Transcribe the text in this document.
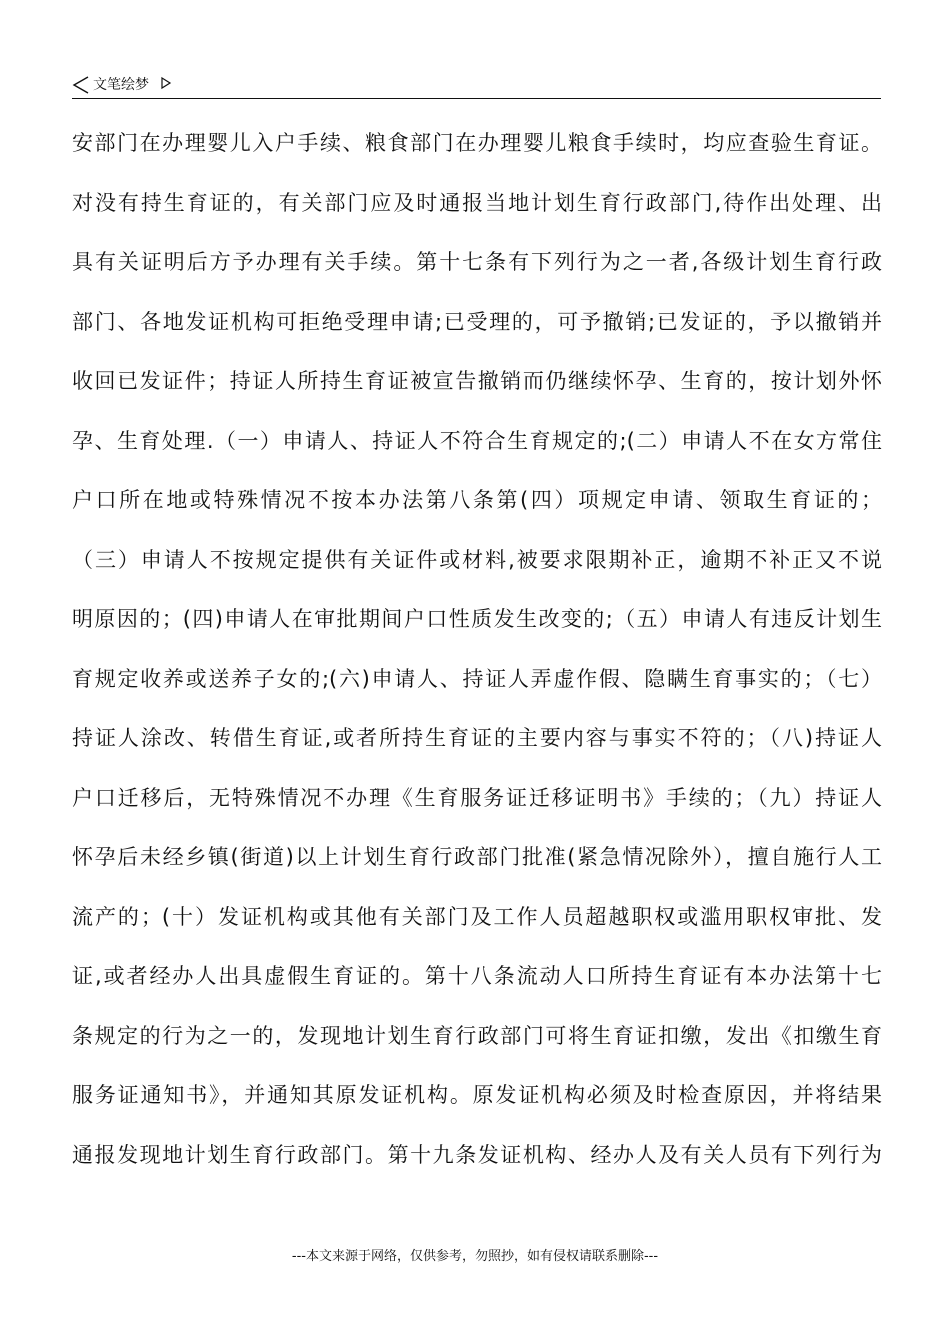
文笔绘梦
安部门在办理婴儿入户手续、粮食部门在办理婴儿粮食手续时，均应查验生育证。
对没有持生育证的，有关部门应及时通报当地计划生育行政部门,待作出处理、出
具有关证明后方予办理有关手续。第十七条有下列行为之一者,各级计划生育行政
部门、各地发证机构可拒绝受理申请;已受理的，可予撤销;已发证的，予以撤销并
收回已发证件；持证人所持生育证被宣告撤销而仍继续怀孕、生育的，按计划外怀
孕、生育处理.（一）申请人、持证人不符合生育规定的;(二）申请人不在女方常住
户口所在地或特殊情况不按本办法第八条第(四）项规定申请、领取生育证的；
（三）申请人不按规定提供有关证件或材料,被要求限期补正，逾期不补正又不说
明原因的；(四)申请人在审批期间户口性质发生改变的;（五）申请人有违反计划生
育规定收养或送养子女的;(六)申请人、持证人弄虚作假、隐瞒生育事实的；（七）
持证人涂改、转借生育证,或者所持生育证的主要内容与事实不符的；（八)持证人
户口迁移后，无特殊情况不办理《生育服务证迁移证明书》手续的；（九）持证人
怀孕后未经乡镇(街道)以上计划生育行政部门批准(紧急情况除外），擅自施行人工
流产的；(十）发证机构或其他有关部门及工作人员超越职权或滥用职权审批、发
证,或者经办人出具虚假生育证的。第十八条流动人口所持生育证有本办法第十七
条规定的行为之一的，发现地计划生育行政部门可将生育证扣缴，发出《扣缴生育
服务证通知书》，并通知其原发证机构。原发证机构必须及时检查原因，并将结果
通报发现地计划生育行政部门。第十九条发证机构、经办人及有关人员有下列行为
---本文来源于网络，仅供参考，勿照抄，如有侵权请联系删除---
